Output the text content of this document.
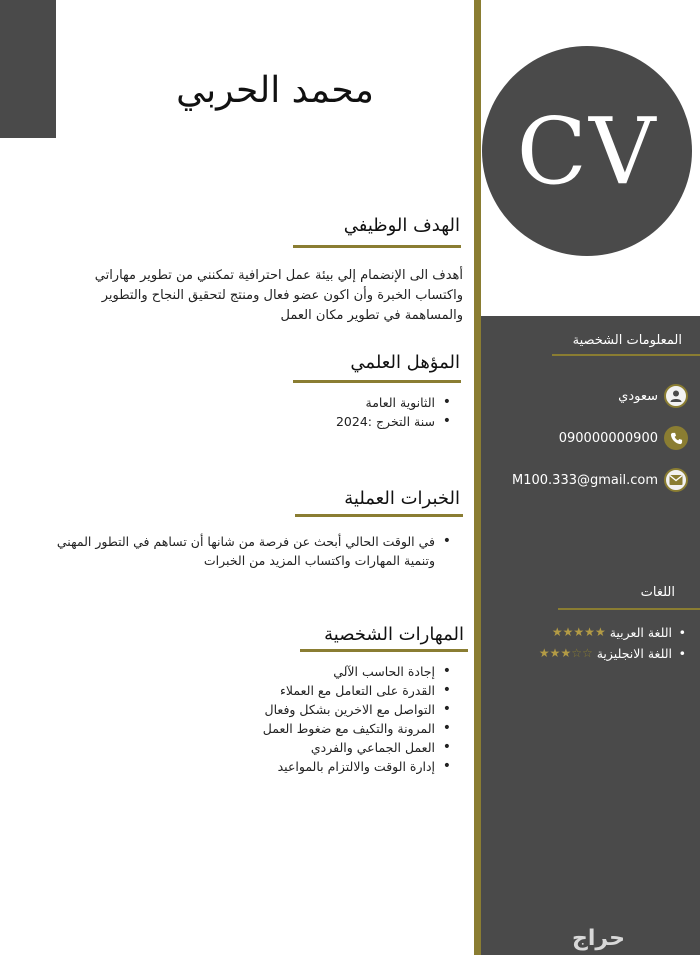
CV
محمد الحربي
الهدف الوظيفي
أهدف الى الإنضمام إلي بيئة عمل احترافية تمكنني من تطوير مهاراتي واكتساب الخبرة وأن اكون عضو فعال ومنتج لتحقيق النجاح والتطوير والمساهمة في تطوير مكان العمل
المؤهل العلمي
• الثانوية العامة
• سنة التخرج :2024
الخبرات العملية
• في الوقت الحالي أبحث عن فرصة من شانها أن تساهم في التطور المهني وتنمية المهارات واكتساب المزيد من الخبرات
المهارات الشخصية
• إجادة الحاسب الآلي
• القدرة على التعامل مع العملاء
• التواصل مع الاخرين بشكل وفعال
• المرونة والتكيف مع ضغوط العمل
• العمل الجماعي والفردي
• إدارة الوقت والالتزام بالمواعيد
المعلومات الشخصية
سعودي
090000000900
M100.333@gmail.com
اللغات
• اللغة العربية
★ ★ ★ ★ ★
• اللغة الانجليزية
★ ★ ★ ☆ ☆
حراج
